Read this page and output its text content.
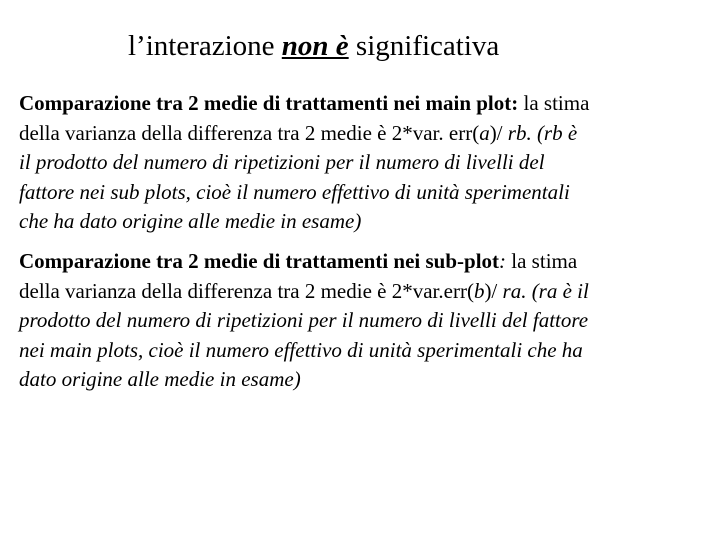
l’interazione non è significativa
Comparazione tra 2 medie di trattamenti nei main plot: la stima
della varianza della differenza tra 2 medie è 2*var. err(a)/ rb. (rb è
il prodotto del numero di ripetizioni per il numero di livelli del
fattore nei sub plots, cioè il numero effettivo di unità sperimentali
che ha dato origine alle medie in esame)
Comparazione tra 2 medie di trattamenti nei sub-plot: la stima
della varianza della differenza tra 2 medie è 2*var.err(b)/ ra. (ra è il
prodotto del numero di ripetizioni per il numero di livelli del fattore
nei main plots, cioè il numero effettivo di unità sperimentali che ha
dato origine alle medie in esame)
